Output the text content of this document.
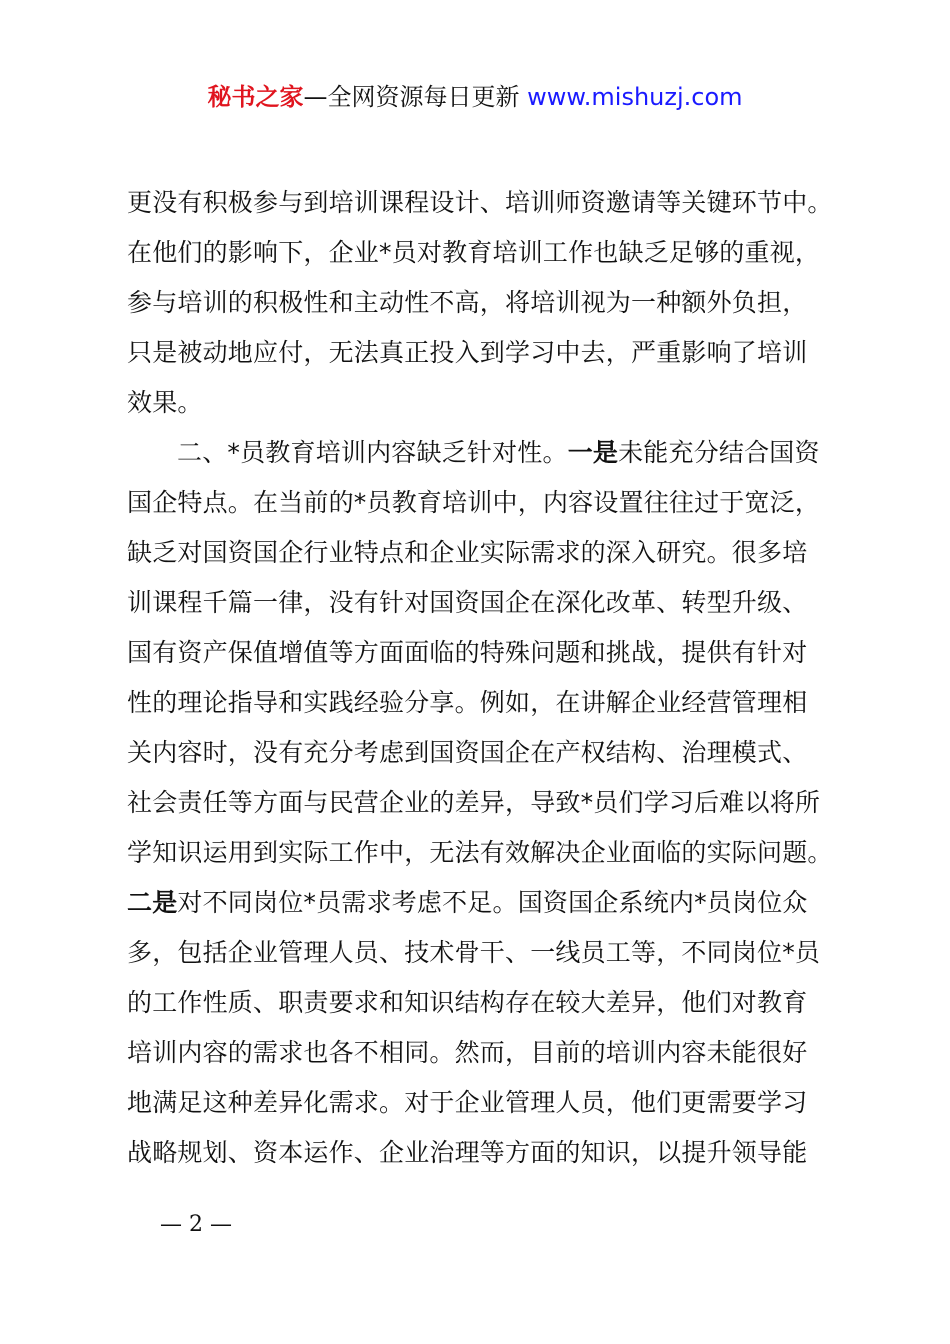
秘书之家—全网资源每日更新 www.mishuzj.com
更没有积极参与到培训课程设计、培训师资邀请等关键环节中。
在他们的影响下，企业*员对教育培训工作也缺乏足够的重视，
参与培训的积极性和主动性不高，将培训视为一种额外负担，
只是被动地应付，无法真正投入到学习中去，严重影响了培训
效果。
二、*员教育培训内容缺乏针对性。一是未能充分结合国资
国企特点。在当前的*员教育培训中，内容设置往往过于宽泛，
缺乏对国资国企行业特点和企业实际需求的深入研究。很多培
训课程千篇一律，没有针对国资国企在深化改革、转型升级、
国有资产保值增值等方面面临的特殊问题和挑战，提供有针对
性的理论指导和实践经验分享。例如，在讲解企业经营管理相
关内容时，没有充分考虑到国资国企在产权结构、治理模式、
社会责任等方面与民营企业的差异，导致*员们学习后难以将所
学知识运用到实际工作中，无法有效解决企业面临的实际问题。
二是对不同岗位*员需求考虑不足。国资国企系统内*员岗位众
多，包括企业管理人员、技术骨干、一线员工等，不同岗位*员
的工作性质、职责要求和知识结构存在较大差异，他们对教育
培训内容的需求也各不相同。然而，目前的培训内容未能很好
地满足这种差异化需求。对于企业管理人员，他们更需要学习
战略规划、资本运作、企业治理等方面的知识，以提升领导能
— 2 —
